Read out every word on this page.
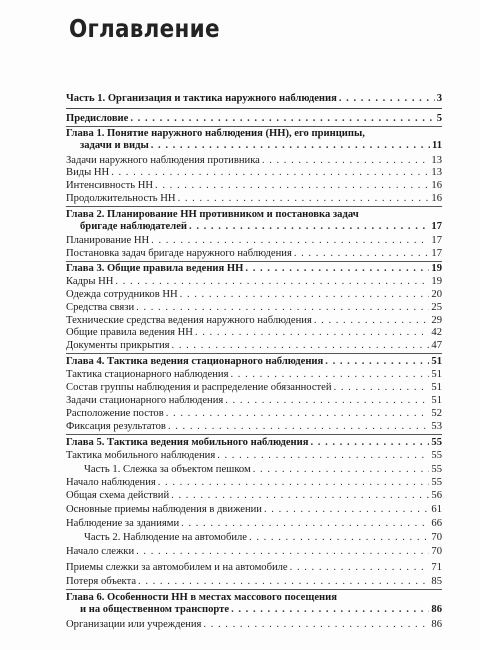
Оглавление
Часть 1. Организация и тактика наружного наблюдения . . .	3
Предисловие . . .	5
Глава 1. Понятие наружного наблюдения (НН), его принципы,
задачи и виды . . .	11
Задачи наружного наблюдения противника . . .	13
Виды НН . . .	13
Интенсивность НН . . .	16
Продолжительность НН . . .	16
Глава 2. Планирование НН противником и постановка задач
бригаде наблюдателей . . .	17
Планирование НН . . .	17
Постановка задач бригаде наружного наблюдения . . .	17
Глава 3. Общие правила ведения НН . . .	19
Кадры НН . . .	19
Одежда сотрудников НН . . .	20
Средства связи . . .	25
Технические средства ведения наружного наблюдения . . .	29
Общие правила ведения НН . . .	42
Документы прикрытия . . .	47
Глава 4. Тактика ведения стационарного наблюдения . . .	51
Тактика стационарного наблюдения . . .	51
Состав группы наблюдения и распределение обязанностей . . .	51
Задачи стационарного наблюдения . . .	51
Расположение постов . . .	52
Фиксация результатов . . .	53
Глава 5. Тактика ведения мобильного наблюдения . . .	55
Тактика мобильного наблюдения . . .	55
Часть 1. Слежка за объектом пешком . . .	55
Начало наблюдения . . .	55
Общая схема действий . . .	56
Основные приемы наблюдения в движении . . .	61
Наблюдение за зданиями . . .	66
Часть 2. Наблюдение на автомобиле . . .	70
Начало слежки . . .	70
Приемы слежки за автомобилем и на автомобиле . . .	71
Потеря объекта . . .	85
Глава 6. Особенности НН в местах массового посещения
и на общественном транспорте . . .	86
Организации или учреждения . . .	86
